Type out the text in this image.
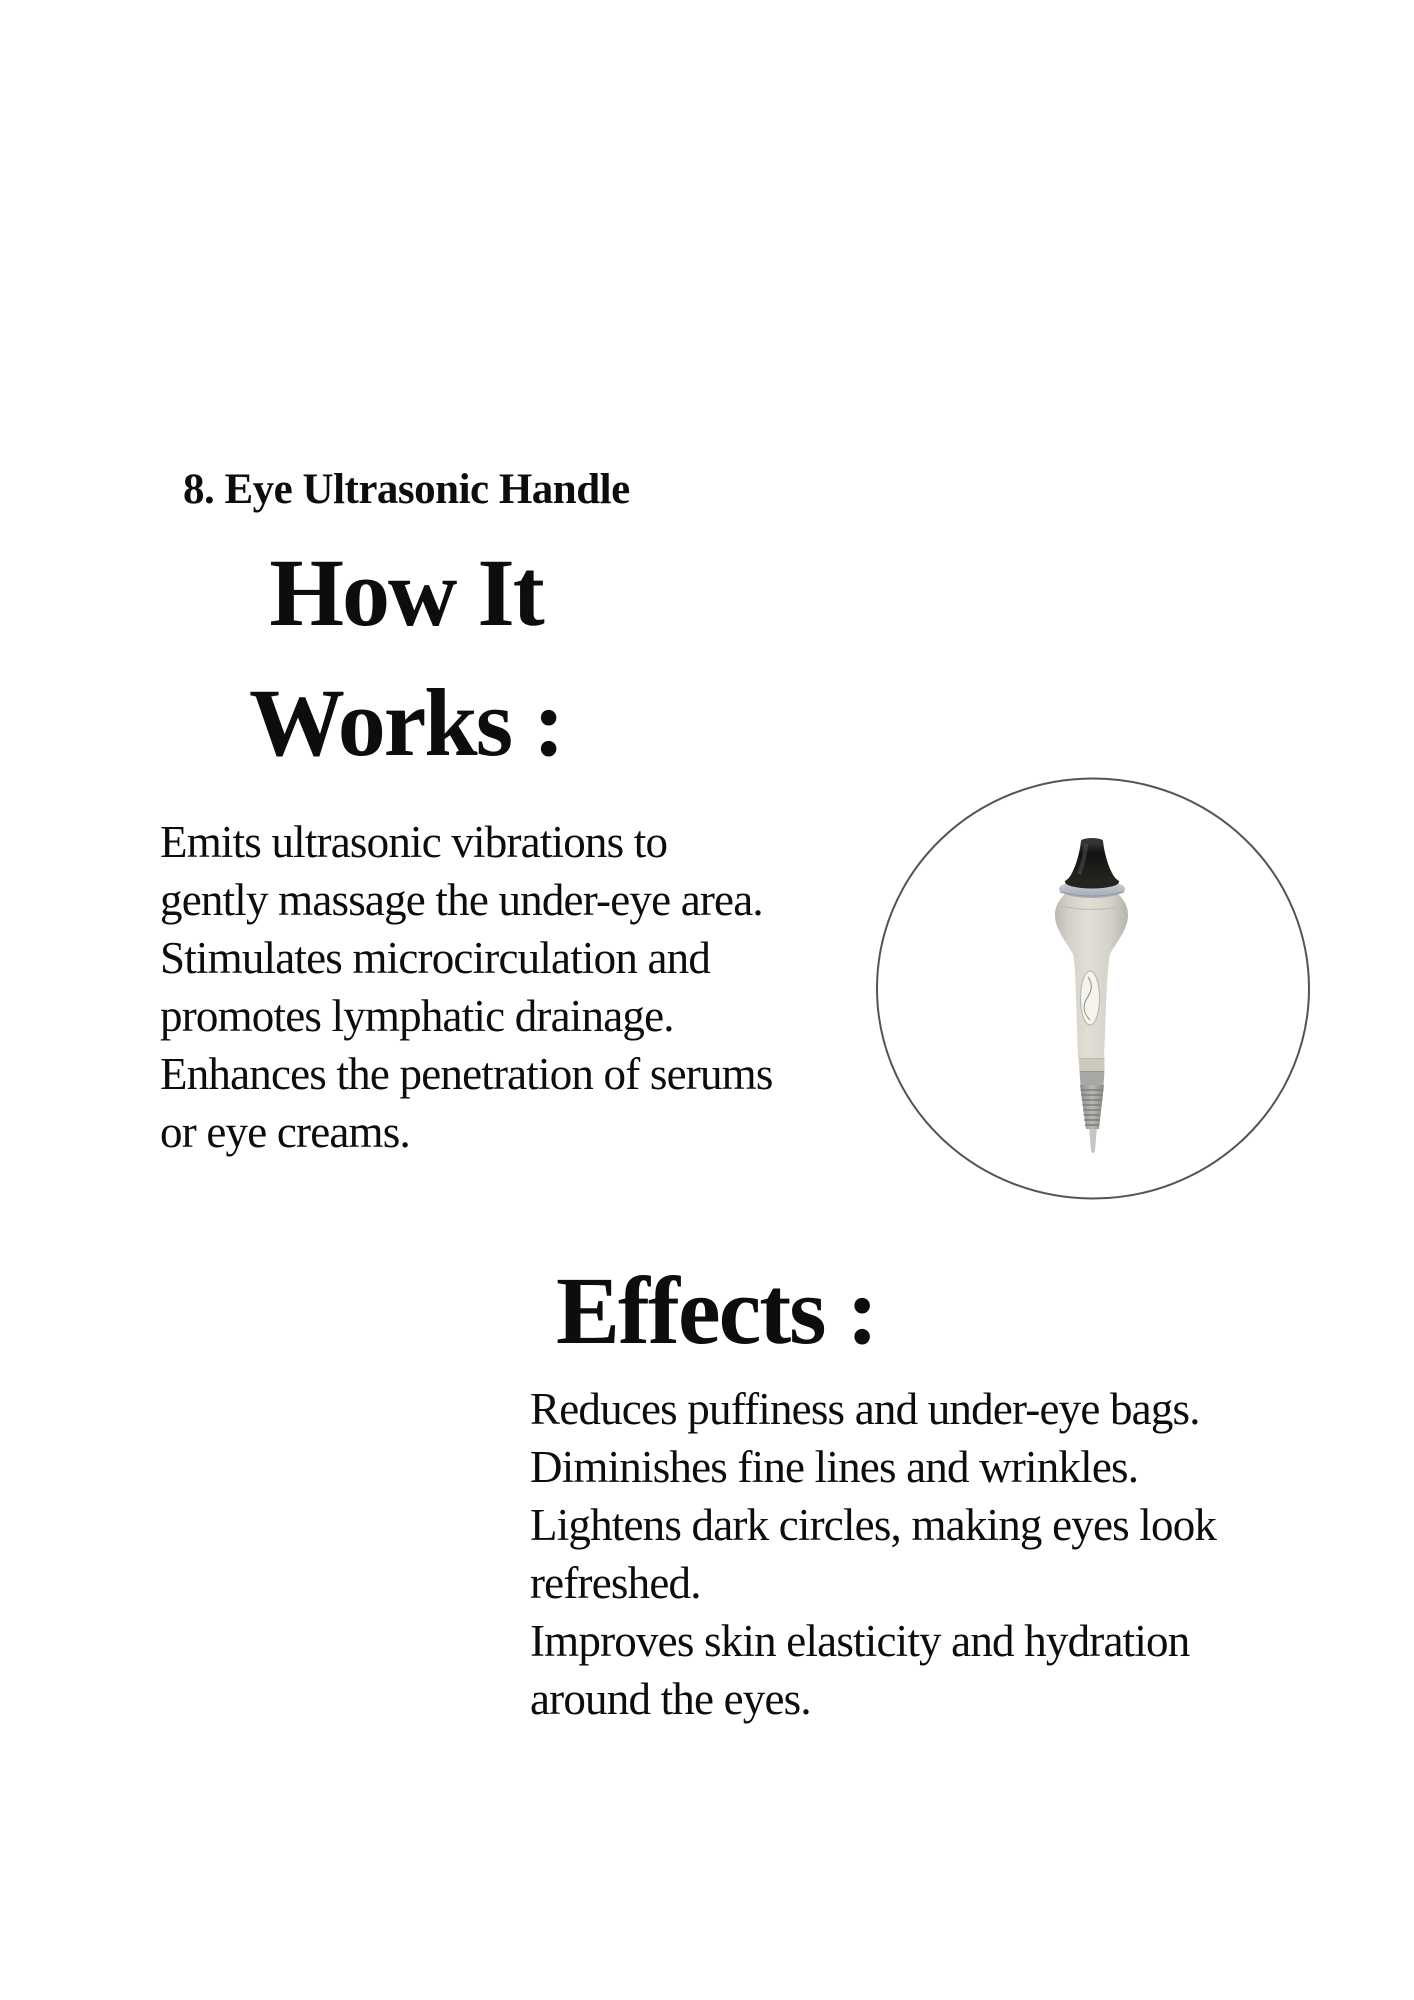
8. Eye Ultrasonic Handle
How It
Works :
Emits ultrasonic vibrations to
gently massage the under-eye area.
Stimulates microcirculation and
promotes lymphatic drainage.
Enhances the penetration of serums
or eye creams.
Effects :
Reduces puffiness and under-eye bags.
Diminishes fine lines and wrinkles.
Lightens dark circles, making eyes look
refreshed.
Improves skin elasticity and hydration
around the eyes.
